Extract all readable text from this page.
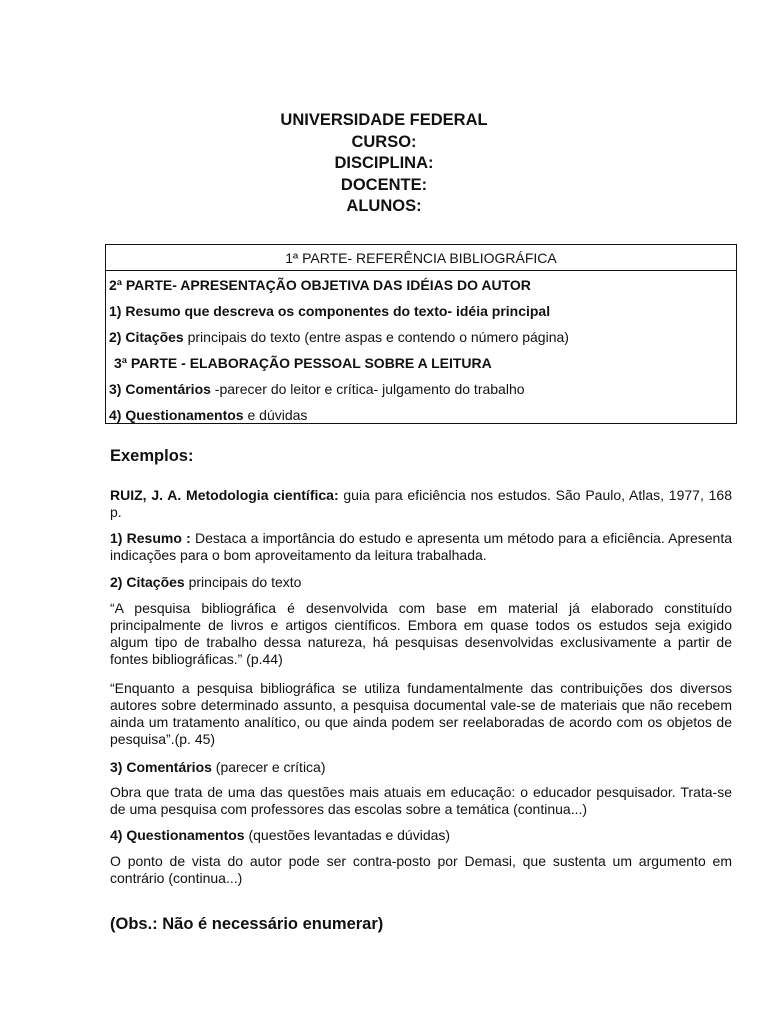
UNIVERSIDADE FEDERAL
CURSO:
DISCIPLINA:
DOCENTE:
ALUNOS:
1ª PARTE- REFERÊNCIA BIBLIOGRÁFICA
2ª PARTE- APRESENTAÇÃO OBJETIVA DAS IDÉIAS DO AUTOR
1) Resumo que descreva os componentes do texto- idéia principal
2) Citações principais do texto (entre aspas e contendo o número página)
3ª PARTE - ELABORAÇÃO PESSOAL SOBRE A LEITURA
3) Comentários -parecer do leitor e crítica- julgamento do trabalho
4) Questionamentos e dúvidas
Exemplos:
RUIZ, J. A. Metodologia científica: guia para eficiência nos estudos. São Paulo, Atlas, 1977, 168 p.
1) Resumo : Destaca a importância do estudo e apresenta um método para a eficiência. Apresenta indicações para o bom aproveitamento da leitura trabalhada.
2) Citações principais do texto
“A pesquisa bibliográfica é desenvolvida com base em material já elaborado constituído principalmente de livros e artigos científicos. Embora em quase todos os estudos seja exigido algum tipo de trabalho dessa natureza, há pesquisas desenvolvidas exclusivamente a partir de fontes bibliográficas.” (p.44)
“Enquanto a pesquisa bibliográfica se utiliza fundamentalmente das contribuições dos diversos autores sobre determinado assunto, a pesquisa documental vale-se de materiais que não recebem ainda um tratamento analítico, ou que ainda podem ser reelaboradas de acordo com os objetos de pesquisa”.(p. 45)
3) Comentários (parecer e crítica)
Obra que trata de uma das questões mais atuais em educação: o educador pesquisador. Trata-se de uma pesquisa com professores das escolas sobre a temática (continua...)
4) Questionamentos (questões levantadas e dúvidas)
O ponto de vista do autor pode ser contra-posto por Demasi, que sustenta um argumento em contrário (continua...)
(Obs.: Não é necessário enumerar)
